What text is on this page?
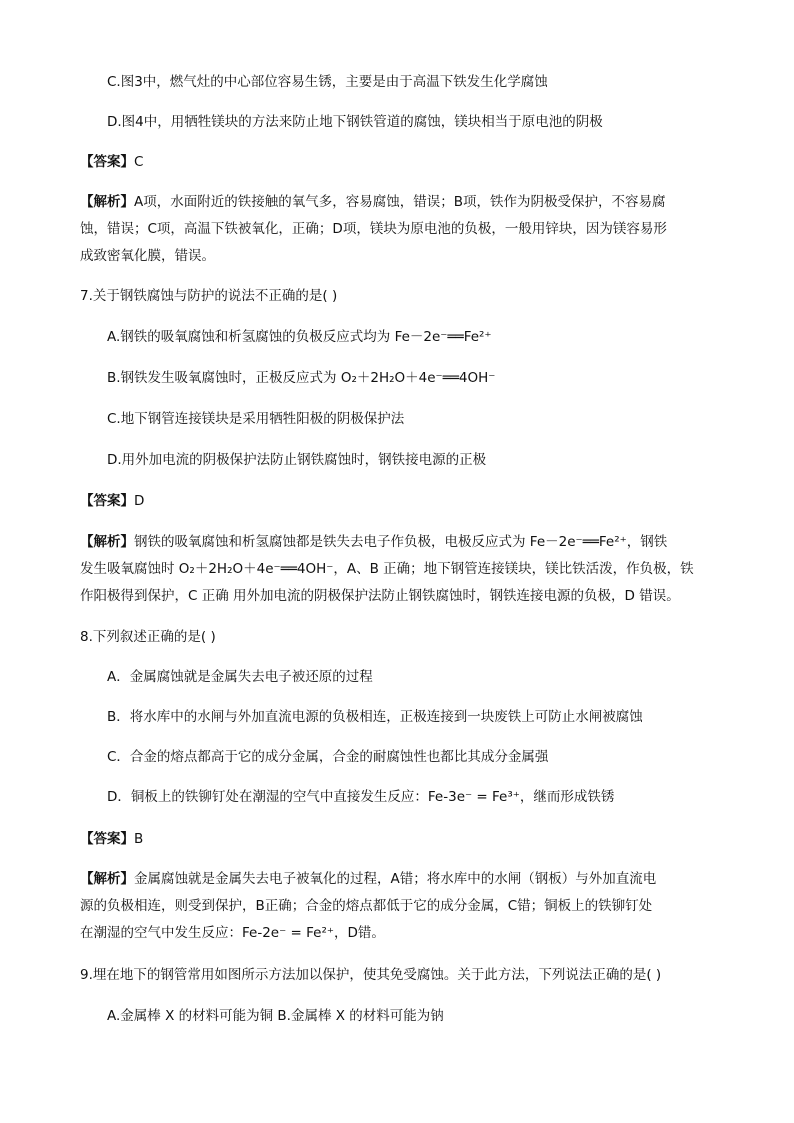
C.图3中，燃气灶的中心部位容易生锈，主要是由于高温下铁发生化学腐蚀
D.图4中，用牺牲镁块的方法来防止地下钢铁管道的腐蚀，镁块相当于原电池的阴极
【答案】C
【解析】A项，水面附近的铁接触的氧气多，容易腐蚀，错误；B项，铁作为阴极受保护，不容易腐
蚀，错误；C项，高温下铁被氧化，正确；D项，镁块为原电池的负极，一般用锌块，因为镁容易形
成致密氧化膜，错误。
7.关于钢铁腐蚀与防护的说法不正确的是( )
A.钢铁的吸氧腐蚀和析氢腐蚀的负极反应式均为 Fe－2e⁻══Fe²⁺
B.钢铁发生吸氧腐蚀时，正极反应式为 O₂＋2H₂O＋4e⁻══4OH⁻
C.地下钢管连接镁块是采用牺牲阳极的阴极保护法
D.用外加电流的阴极保护法防止钢铁腐蚀时，钢铁接电源的正极
【答案】D
【解析】钢铁的吸氧腐蚀和析氢腐蚀都是铁失去电子作负极，电极反应式为 Fe－2e⁻══Fe²⁺，钢铁
发生吸氧腐蚀时 O₂＋2H₂O＋4e⁻══4OH⁻，A、B 正确；地下钢管连接镁块，镁比铁活泼，作负极，铁
作阳极得到保护，C 正确 用外加电流的阴极保护法防止钢铁腐蚀时，钢铁连接电源的负极，D 错误。
8.下列叙述正确的是( )
A．金属腐蚀就是金属失去电子被还原的过程
B．将水库中的水闸与外加直流电源的负极相连，正极连接到一块废铁上可防止水闸被腐蚀
C．合金的熔点都高于它的成分金属，合金的耐腐蚀性也都比其成分金属强
D．铜板上的铁铆钉处在潮湿的空气中直接发生反应：Fe-3e⁻ = Fe³⁺，继而形成铁锈
【答案】B
【解析】金属腐蚀就是金属失去电子被氧化的过程，A错；将水库中的水闸（钢板）与外加直流电
源的负极相连，则受到保护，B正确；合金的熔点都低于它的成分金属，C错；铜板上的铁铆钉处
在潮湿的空气中发生反应：Fe-2e⁻ = Fe²⁺，D错。
9.埋在地下的钢管常用如图所示方法加以保护，使其免受腐蚀。关于此方法，下列说法正确的是( )
A.金属棒 X 的材料可能为铜 B.金属棒 X 的材料可能为钠
